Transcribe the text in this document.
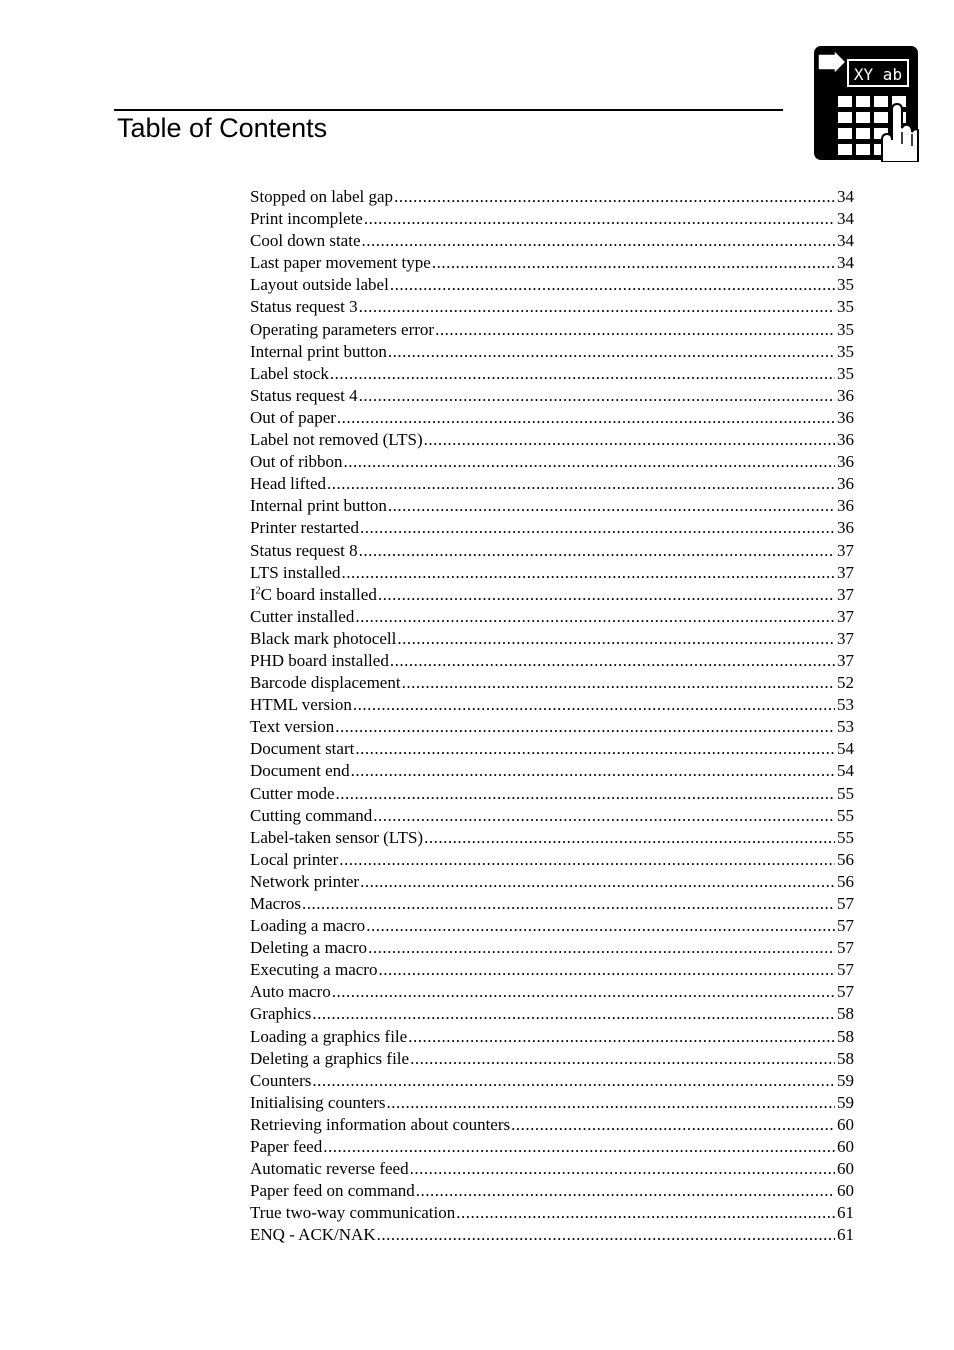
Table of Contents
XY ab
Stopped on label gap .....	34
Print incomplete .....	34
Cool down state .....	34
Last paper movement type .....	34
Layout outside label .....	35
Status request 3 .....	35
Operating parameters error .....	35
Internal print button .....	35
Label stock .....	35
Status request 4 .....	36
Out of paper .....	36
Label not removed (LTS) .....	36
Out of ribbon .....	36
Head lifted .....	36
Internal print button .....	36
Printer restarted .....	36
Status request 8 .....	37
LTS installed .....	37
$I^2C$ board installed .....	37
Cutter installed .....	37
Black mark photocell .....	37
PHD board installed .....	37
Barcode displacement .....	52
HTML version .....	53
Text version .....	53
Document start .....	54
Document end .....	54
Cutter mode .....	55
Cutting command .....	55
Label-taken sensor (LTS) .....	55
Local printer .....	56
Network printer .....	56
Macros .....	57
Loading a macro .....	57
Deleting a macro .....	57
Executing a macro .....	57
Auto macro .....	57
Graphics .....	58
Loading a graphics file .....	58
Deleting a graphics file .....	58
Counters .....	59
Initialising counters .....	59
Retrieving information about counters .....	60
Paper feed .....	60
Automatic reverse feed .....	60
Paper feed on command .....	60
True two-way communication .....	61
ENQ - ACK/NAK .....	61
